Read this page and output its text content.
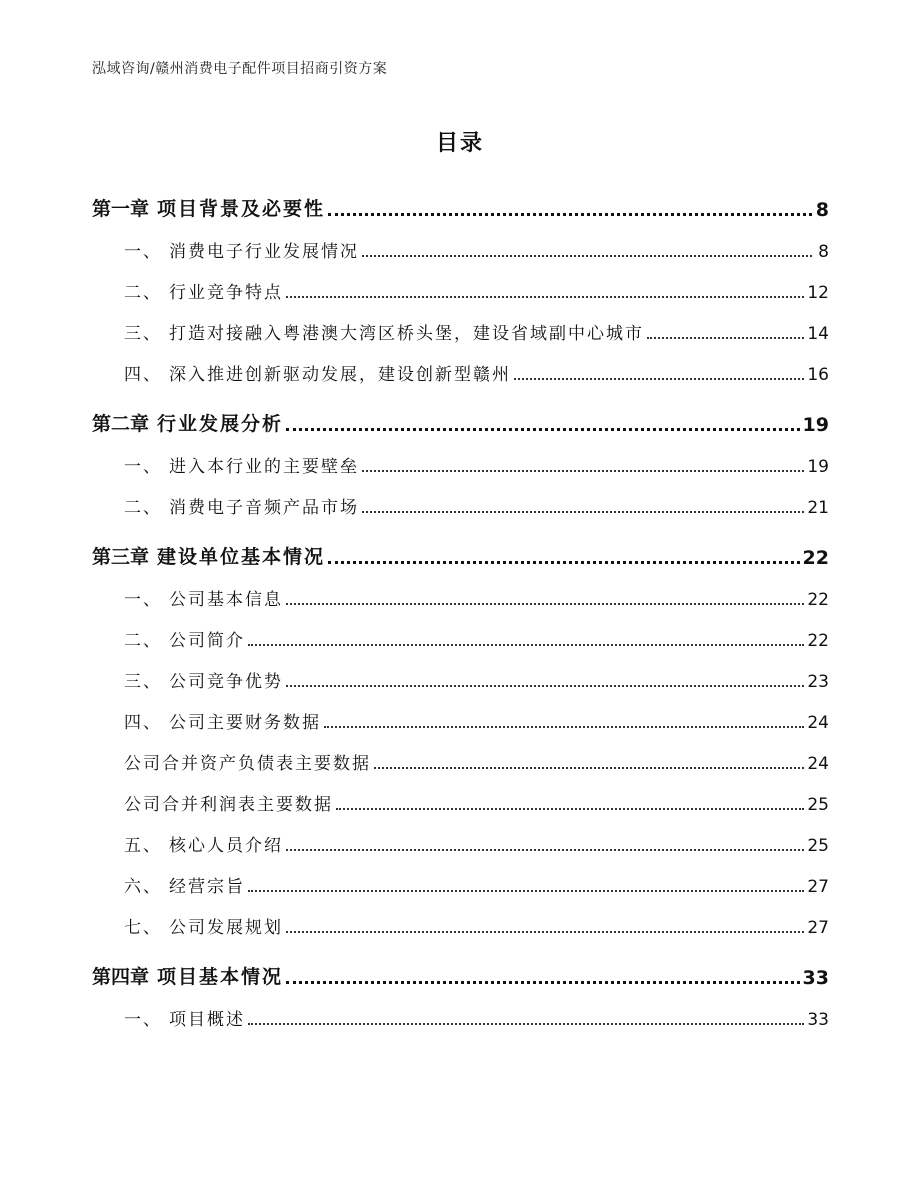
泓域咨询/赣州消费电子配件项目招商引资方案
目录
第一章 项目背景及必要性	8
一、 消费电子行业发展情况	8
二、 行业竞争特点	12
三、 打造对接融入粤港澳大湾区桥头堡，建设省域副中心城市	14
四、 深入推进创新驱动发展，建设创新型赣州	16
第二章 行业发展分析	19
一、 进入本行业的主要壁垒	19
二、 消费电子音频产品市场	21
第三章 建设单位基本情况	22
一、 公司基本信息	22
二、 公司简介	22
三、 公司竞争优势	23
四、 公司主要财务数据	24
公司合并资产负债表主要数据	24
公司合并利润表主要数据	25
五、 核心人员介绍	25
六、 经营宗旨	27
七、 公司发展规划	27
第四章 项目基本情况	33
一、 项目概述	33
